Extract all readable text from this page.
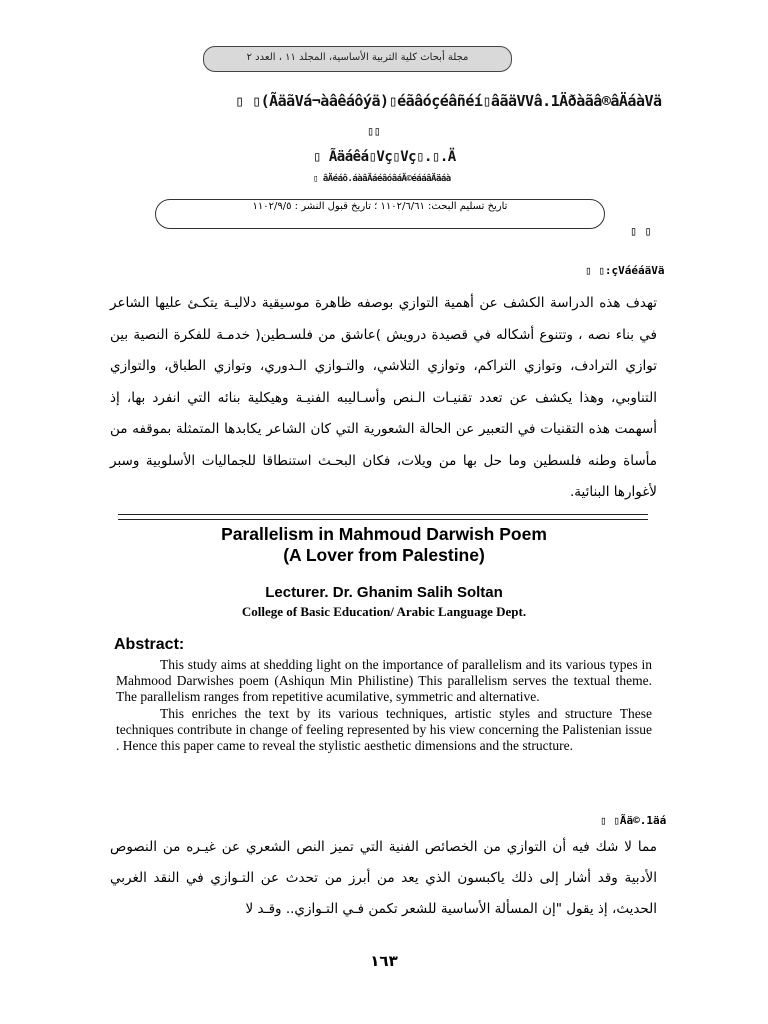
مجلة أبحاث كلية التربية الأساسية، المجلد ١١ ، العدد ٢
▯ ▯(ÃäãVá¬àâêáôýä)▯éãâóçéâñéí▯âãäVVâ.1Äðàãâ®âÄáàVä
▯▯
▯ Ãäáêá▯Vç▯Vç▯.▯.Ä
▯ âÄéáô.áàâÄáéâóâáÄ©éááâÄäáà
تاريخ تسليم البحث: ١١٠٢/٦/٦١ ؛ تاريخ قبول النشر : ١١٠٢/٩/٥
▯ ▯
▯ ▯:çVáéáäVä

تهدف هذه الدراسة الكشف عن أهمية التوازي بوصفه ظاهرة موسيقية دلاليـة يتكـئ عليها الشاعر في بناء نصه ، وتتنوع أشكاله في قصيدة درويش )عاشق من فلسـطين( خدمـة للفكرة النصية بين توازي الترادف، وتوازي التراكم، وتوازي التلاشي، والتـوازي الـدوري، وتوازي الطباق، والتوازي التناوبي، وهذا يكشف عن تعدد تقنيـات الـنص وأسـاليبه الفنيـة وهيكلية بنائه التي انفرد بها، إذ أسهمت هذه التقنيات في التعبير عن الحالة الشعورية التي كان الشاعر يكابدها المتمثلة بموقفه من مأساة وطنه فلسطين وما حل بها من ويلات، فكان البحـث استنطاقا للجماليات الأسلوبية وسبر لأغوارها البنائية.

Parallelism in Mahmoud Darwish Poem
(A Lover from Palestine)
Lecturer. Dr. Ghanim Salih Soltan
College of Basic Education/ Arabic Language Dept.
Abstract:

This study aims at shedding light on the importance of parallelism and its various types in Mahmood Darwishes poem (Ashiqun Min Philistine) This parallelism serves the textual theme. The parallelism ranges from repetitive acumilative, symmetric and alternative.

This enriches the text by its various techniques, artistic styles and structure These techniques contribute in change of feeling represented by his view concerning the Palistenian issue . Hence this paper came to reveal the stylistic aesthetic dimensions and the structure.

▯ ▯Ãä©.1äá

مما لا شك فيه أن التوازي من الخصائص الفنية التي تميز النص الشعري عن غيـره من النصوص الأدبية وقد أشار إلى ذلك ياكبسون الذي يعد من أبرز من تحدث عن التـوازي في النقد الغربي الحديث، إذ يقول "إن المسألة الأساسية للشعر تكمن فـي التـوازي.. وقـد لا

١٦٣
